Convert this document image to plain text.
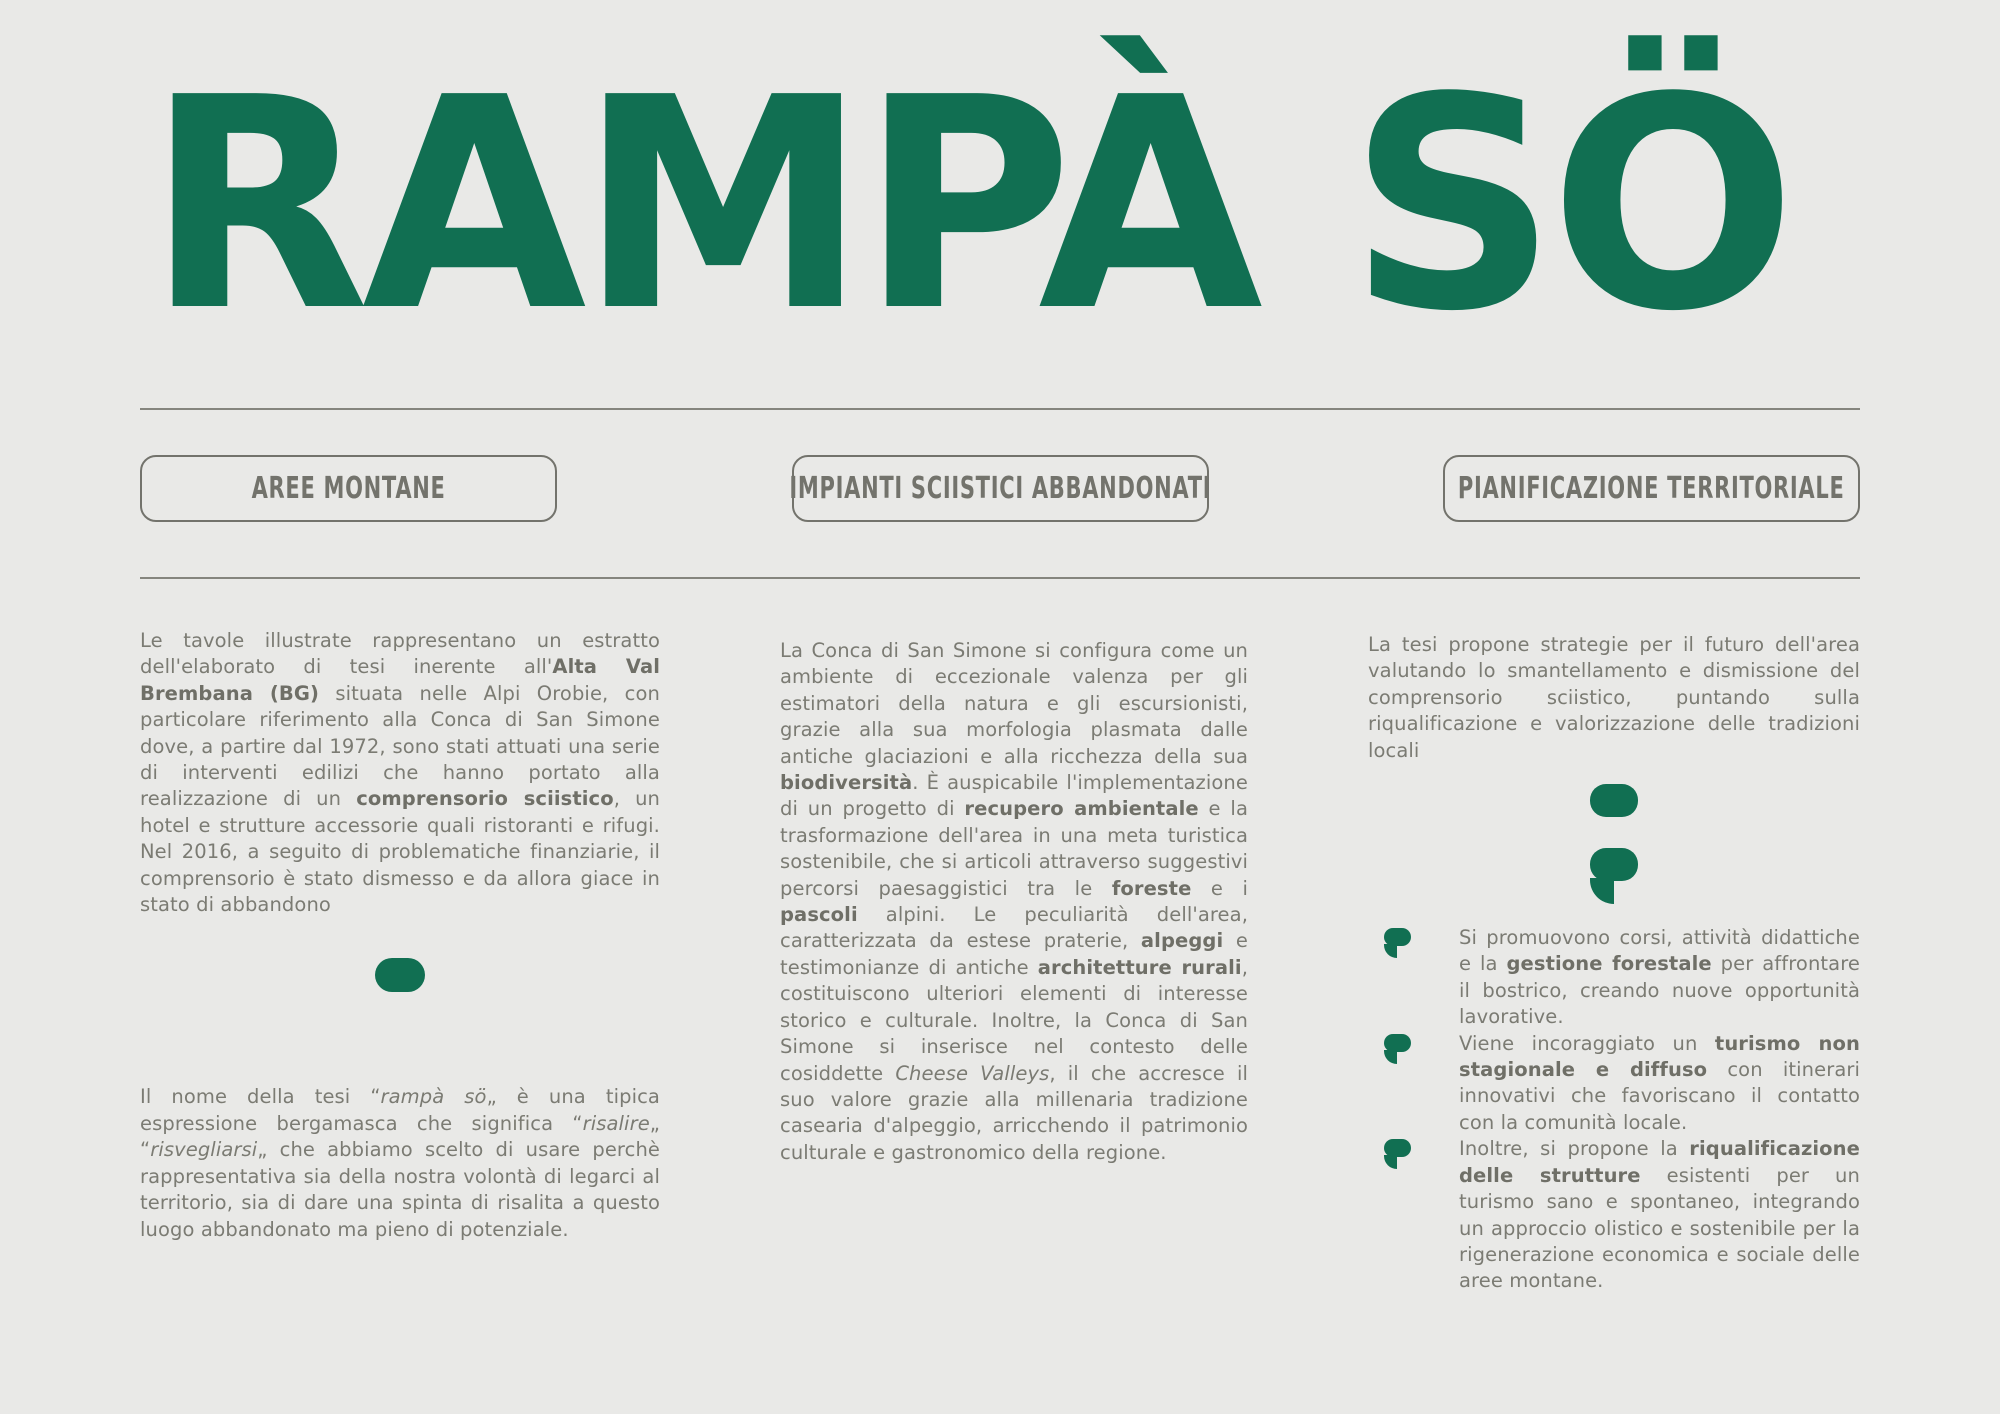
RAMPÀ SÖ
AREE MONTANE	IMPIANTI SCIISTICI ABBANDONATI	PIANIFICAZIONE TERRITORIALE

Le tavole illustrate rappresentano un estratto dell'elaborato di tesi inerente all'Alta Val Brembana (BG) situata nelle Alpi Orobie, con particolare riferimento alla Conca di San Simone dove, a partire dal 1972, sono stati attuati una serie di interventi edilizi che hanno portato alla realizzazione di un comprensorio sciistico, un hotel e strutture accessorie quali ristoranti e rifugi. Nel 2016, a seguito di problematiche finanziarie, il comprensorio è stato dismesso e da allora giace in stato di abbandono

Il nome della tesi “rampà sö„ è una tipica espressione bergamasca che significa “risalire„ “risvegliarsi„ che abbiamo scelto di usare perchè rappresentativa sia della nostra volontà di legarci al territorio, sia di dare una spinta di risalita a questo luogo abbandonato ma pieno di potenziale.

La Conca di San Simone si configura come un ambiente di eccezionale valenza per gli estimatori della natura e gli escursionisti, grazie alla sua morfologia plasmata dalle antiche glaciazioni e alla ricchezza della sua biodiversità. È auspicabile l'implementazione di un progetto di recupero ambientale e la trasformazione dell'area in una meta turistica sostenibile, che si articoli attraverso suggestivi percorsi paesaggistici tra le foreste e i pascoli alpini. Le peculiarità dell'area, caratterizzata da estese praterie, alpeggi e testimonianze di antiche architetture rurali, costituiscono ulteriori elementi di interesse storico e culturale. Inoltre, la Conca di San Simone si inserisce nel contesto delle cosiddette Cheese Valleys, il che accresce il suo valore grazie alla millenaria tradizione casearia d'alpeggio, arricchendo il patrimonio culturale e gastronomico della regione.

La tesi propone strategie per il futuro dell'area valutando lo smantellamento e dismissione del comprensorio sciistico, puntando sulla riqualificazione e valorizzazione delle tradizioni locali

Si promuovono corsi, attività didattiche e la gestione forestale per affrontare il bostrico, creando nuove opportunità lavorative.
Viene incoraggiato un turismo non stagionale e diffuso con itinerari innovativi che favoriscano il contatto con la comunità locale.
Inoltre, si propone la riqualificazione delle strutture esistenti per un turismo sano e spontaneo, integrando un approccio olistico e sostenibile per la rigenerazione economica e sociale delle aree montane.
